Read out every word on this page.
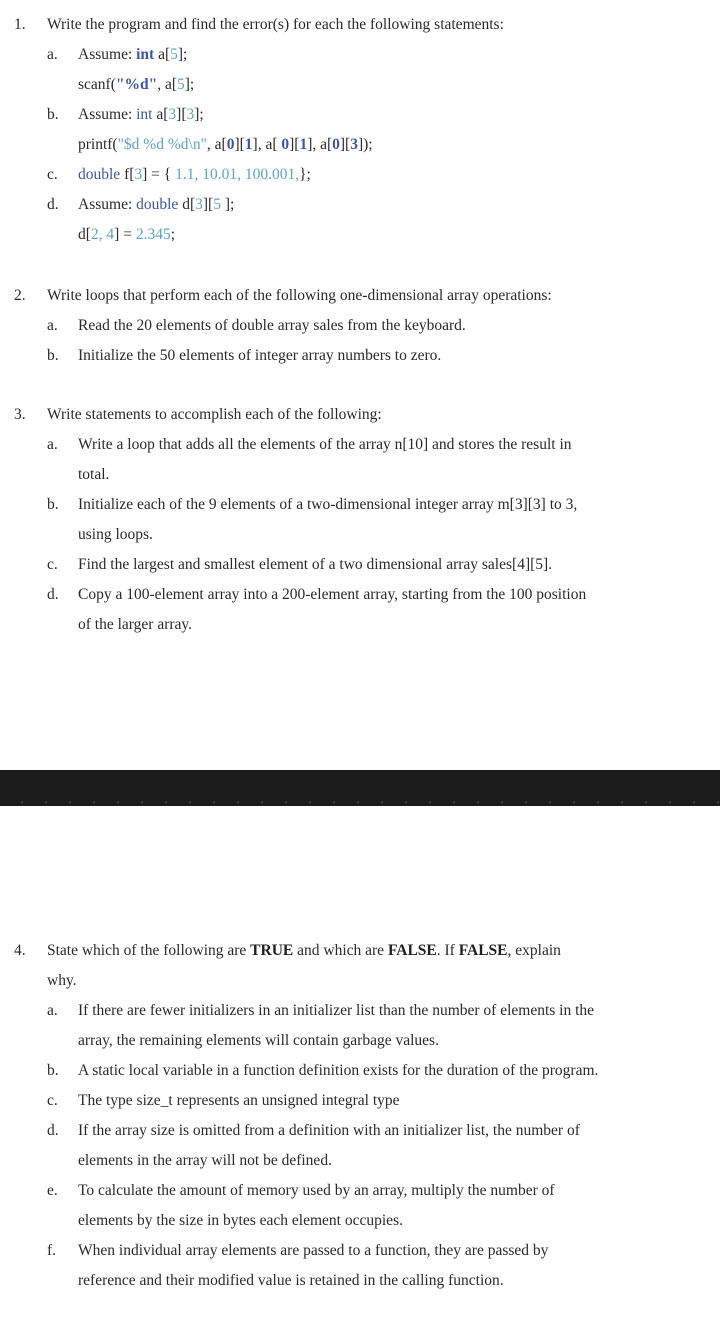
1.	Write the program and find the error(s) for each the following statements:
a.	Assume: int a[5];
scanf("%d", a[5];
b.	Assume: int a[3][3];
printf("$d %d %d\n", a[0][1], a[ 0][1], a[0][3]);
c.	double f[3] = { 1.1, 10.01, 100.001,};
d.	Assume: double d[3][5 ];
d[2, 4] = 2.345;
2.	Write loops that perform each of the following one-dimensional array operations:
a.	Read the 20 elements of double array sales from the keyboard.
b.	Initialize the 50 elements of integer array numbers to zero.
3.	Write statements to accomplish each of the following:
a.	Write a loop that adds all the elements of the array n[10] and stores the result in
total.
b.	Initialize each of the 9 elements of a two-dimensional integer array m[3][3] to 3,
using loops.
c.	Find the largest and smallest element of a two dimensional array sales[4][5].
d.	Copy a 100-element array into a 200-element array, starting from the 100 position
of the larger array.
4.	State which of the following are TRUE and which are FALSE. If FALSE, explain
why.
a.	If there are fewer initializers in an initializer list than the number of elements in the
array, the remaining elements will contain garbage values.
b.	A static local variable in a function definition exists for the duration of the program.
c.	The type size_t represents an unsigned integral type
d.	If the array size is omitted from a definition with an initializer list, the number of
elements in the array will not be defined.
e.	To calculate the amount of memory used by an array, multiply the number of
elements by the size in bytes each element occupies.
f.	When individual array elements are passed to a function, they are passed by
reference and their modified value is retained in the calling function.
